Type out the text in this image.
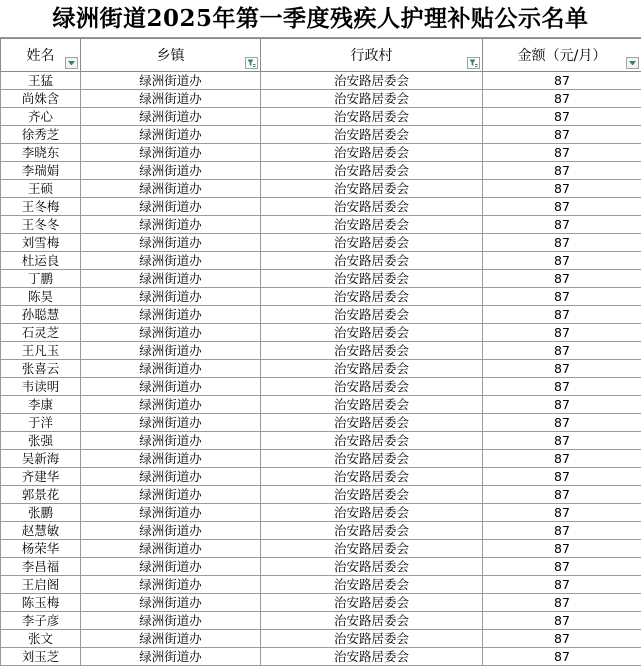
绿洲街道2025年第一季度残疾人护理补贴公示名单
姓名	乡镇	行政村	金额（元/月）

王猛	绿洲街道办	治安路居委会	87
尚姝含	绿洲街道办	治安路居委会	87
齐心	绿洲街道办	治安路居委会	87
徐秀芝	绿洲街道办	治安路居委会	87
李晓东	绿洲街道办	治安路居委会	87
李瑞娟	绿洲街道办	治安路居委会	87
王硕	绿洲街道办	治安路居委会	87
王冬梅	绿洲街道办	治安路居委会	87
王冬冬	绿洲街道办	治安路居委会	87
刘雪梅	绿洲街道办	治安路居委会	87
杜运良	绿洲街道办	治安路居委会	87
丁鹏	绿洲街道办	治安路居委会	87
陈昊	绿洲街道办	治安路居委会	87
孙聪慧	绿洲街道办	治安路居委会	87
石灵芝	绿洲街道办	治安路居委会	87
王凡玉	绿洲街道办	治安路居委会	87
张喜云	绿洲街道办	治安路居委会	87
韦读明	绿洲街道办	治安路居委会	87
李康	绿洲街道办	治安路居委会	87
于洋	绿洲街道办	治安路居委会	87
张强	绿洲街道办	治安路居委会	87
吴新海	绿洲街道办	治安路居委会	87
齐建华	绿洲街道办	治安路居委会	87
郭景花	绿洲街道办	治安路居委会	87
张鹏	绿洲街道办	治安路居委会	87
赵慧敏	绿洲街道办	治安路居委会	87
杨荣华	绿洲街道办	治安路居委会	87
李昌福	绿洲街道办	治安路居委会	87
王启阁	绿洲街道办	治安路居委会	87
陈玉梅	绿洲街道办	治安路居委会	87
李子彦	绿洲街道办	治安路居委会	87
张文	绿洲街道办	治安路居委会	87
刘玉芝	绿洲街道办	治安路居委会	87
